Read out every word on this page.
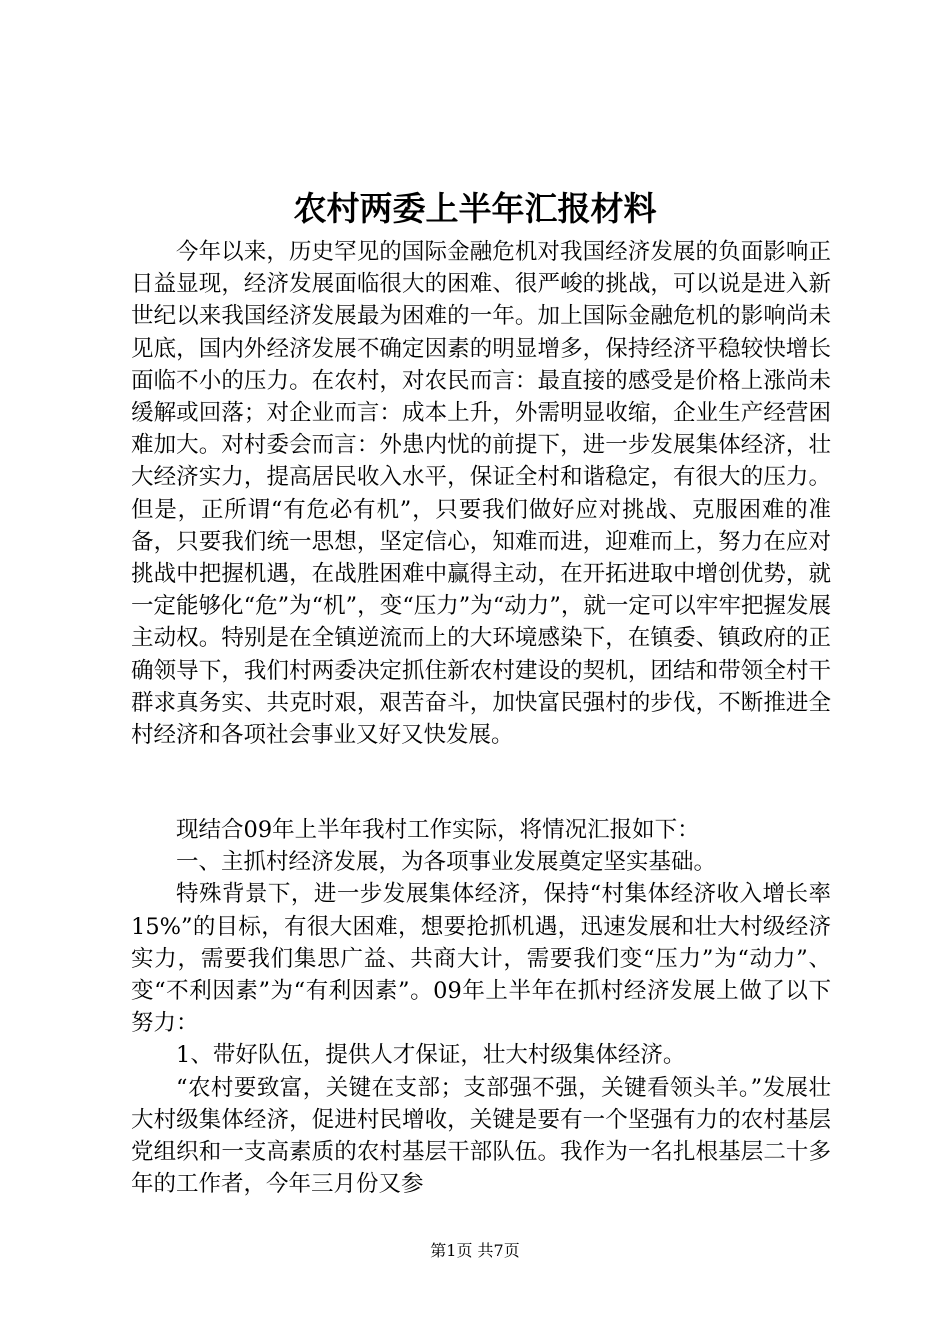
农村两委上半年汇报材料

今年以来，历史罕见的国际金融危机对我国经济发展的负面影响正日益显现，经济发展面临很大的困难、很严峻的挑战，可以说是进入新世纪以来我国经济发展最为困难的一年。加上国际金融危机的影响尚未见底，国内外经济发展不确定因素的明显增多，保持经济平稳较快增长面临不小的压力。在农村，对农民而言：最直接的感受是价格上涨尚未缓解或回落；对企业而言：成本上升，外需明显收缩，企业生产经营困难加大。对村委会而言：外患内忧的前提下，进一步发展集体经济，壮大经济实力，提高居民收入水平，保证全村和谐稳定，有很大的压力。但是，正所谓“有危必有机”，只要我们做好应对挑战、克服困难的准备，只要我们统一思想，坚定信心，知难而进，迎难而上，努力在应对挑战中把握机遇，在战胜困难中赢得主动，在开拓进取中增创优势，就一定能够化“危”为“机”，变“压力”为“动力”，就一定可以牢牢把握发展主动权。特别是在全镇逆流而上的大环境感染下，在镇委、镇政府的正确领导下，我们村两委决定抓住新农村建设的契机，团结和带领全村干群求真务实、共克时艰，艰苦奋斗，加快富民强村的步伐，不断推进全村经济和各项社会事业又好又快发展。

现结合09年上半年我村工作实际，将情况汇报如下：

一、主抓村经济发展，为各项事业发展奠定坚实基础。

特殊背景下，进一步发展集体经济，保持“村集体经济收入增长率15%”的目标，有很大困难，想要抢抓机遇，迅速发展和壮大村级经济实力，需要我们集思广益、共商大计，需要我们变“压力”为“动力”、变“不利因素”为“有利因素”。09年上半年在抓村经济发展上做了以下努力：

1、带好队伍，提供人才保证，壮大村级集体经济。

“农村要致富，关键在支部；支部强不强，关键看领头羊。”发展壮大村级集体经济，促进村民增收，关键是要有一个坚强有力的农村基层党组织和一支高素质的农村基层干部队伍。我作为一名扎根基层二十多年的工作者，今年三月份又参

第1页 共7页
